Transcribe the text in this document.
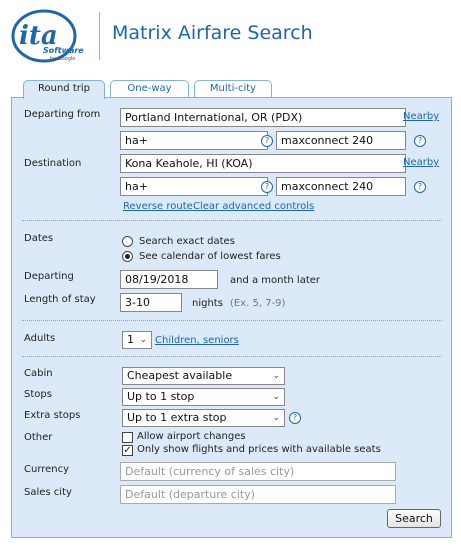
ita
Software
by Google
Matrix Airfare Search
Round trip	One-way	Multi-city
Departing from	Portland International, OR (PDX)	Nearby
ha+	?	maxconnect 240	?
Destination	Kona Keahole, HI (KOA)	Nearby
ha+	?	maxconnect 240	?
Reverse route Clear advanced controls
Dates	Search exact dates
See calendar of lowest fares
Departing	08/19/2018	and a month later
Length of stay	3-10	nights (Ex. 5, 7-9)
Adults	1 ⌄ Children, seniors
Cabin	Cheapest available	⌄
Stops	Up to 1 stop	⌄
Extra stops	Up to 1 extra stop	⌄	?
Other	Allow airport changes
✓ Only show flights and prices with available seats
Currency	Default (currency of sales city)
Sales city	Default (departure city)
Search
